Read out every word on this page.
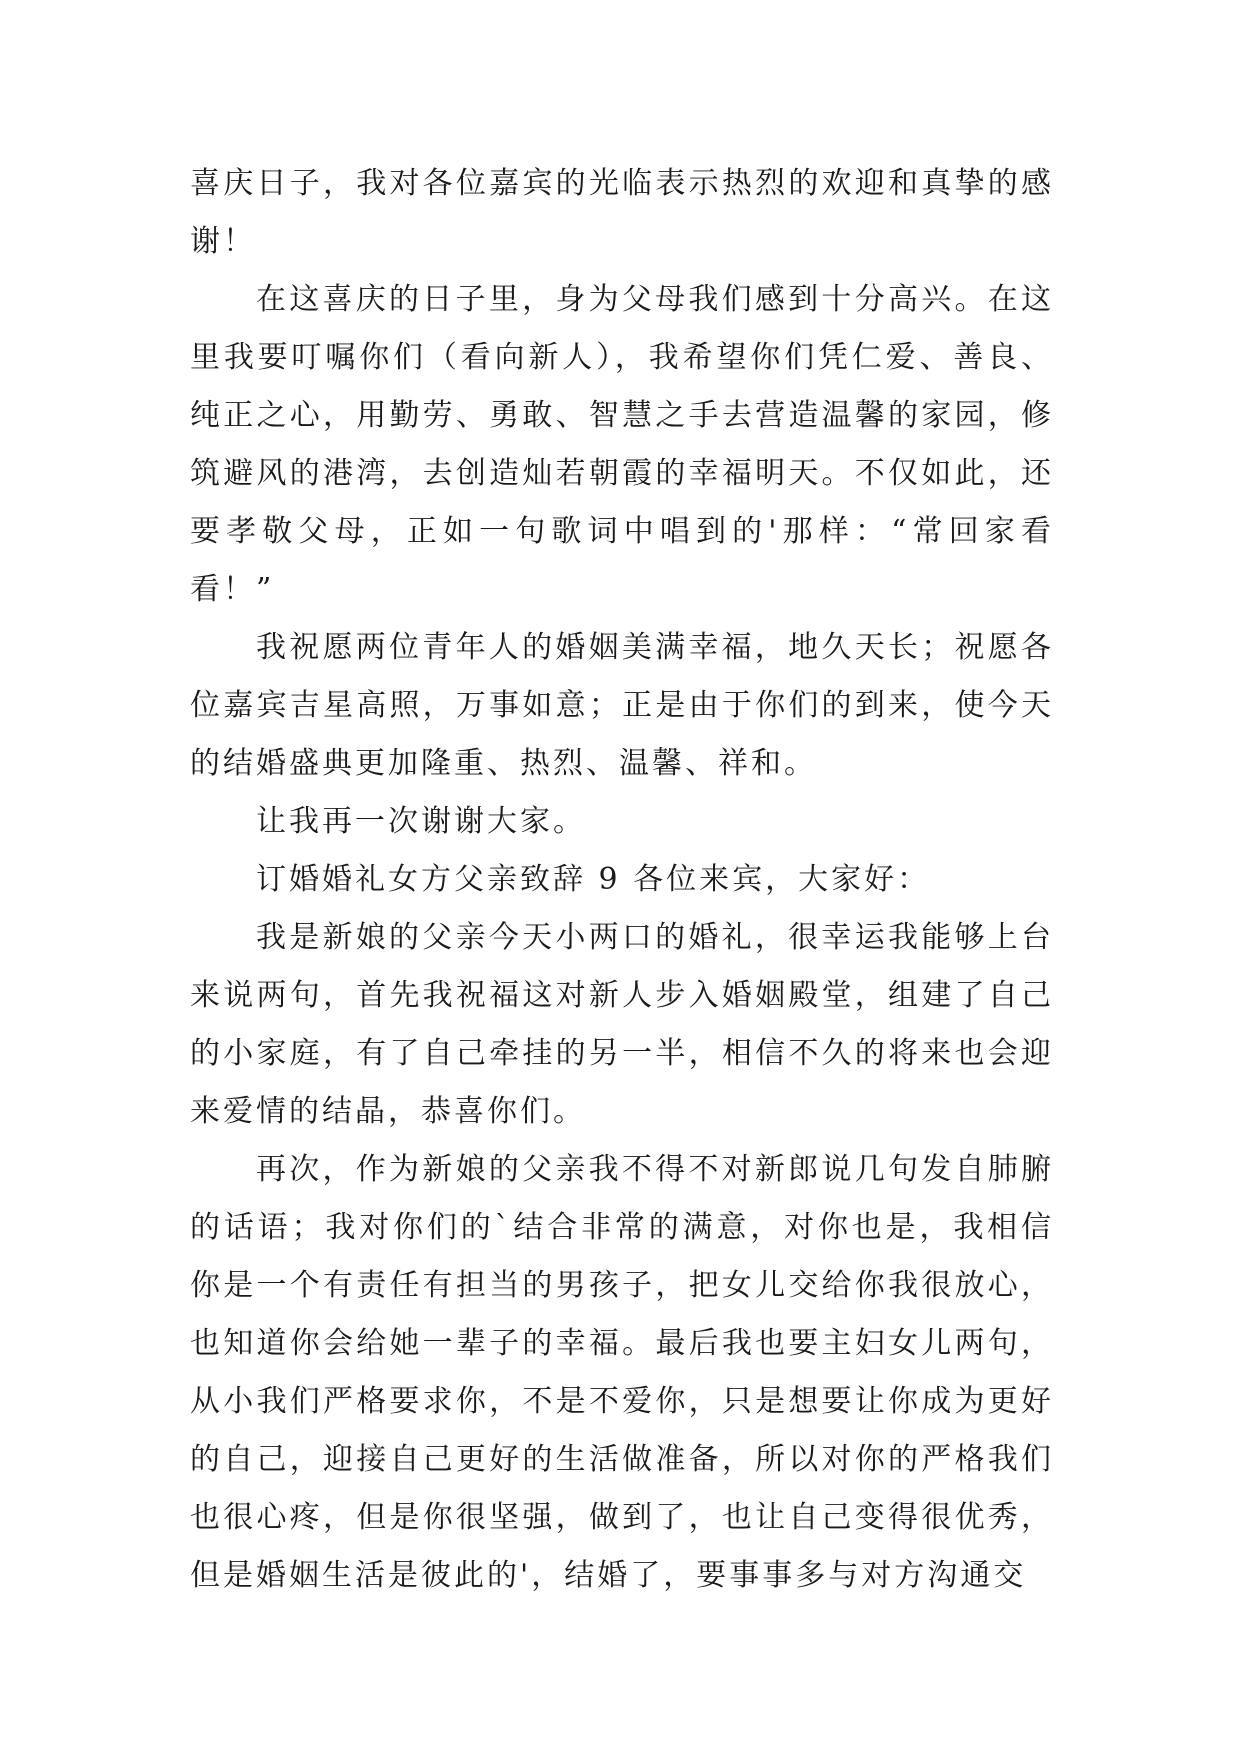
喜庆日子，我对各位嘉宾的光临表示热烈的欢迎和真挚的感谢！

在这喜庆的日子里，身为父母我们感到十分高兴。在这里我要叮嘱你们（看向新人），我希望你们凭仁爱、善良、纯正之心，用勤劳、勇敢、智慧之手去营造温馨的家园，修筑避风的港湾，去创造灿若朝霞的幸福明天。不仅如此，还要孝敬父母，正如一句歌词中唱到的'那样：“常回家看看！”

我祝愿两位青年人的婚姻美满幸福，地久天长；祝愿各位嘉宾吉星高照，万事如意；正是由于你们的到来，使今天的结婚盛典更加隆重、热烈、温馨、祥和。

让我再一次谢谢大家。

订婚婚礼女方父亲致辞 9 各位来宾，大家好：

我是新娘的父亲今天小两口的婚礼，很幸运我能够上台来说两句，首先我祝福这对新人步入婚姻殿堂，组建了自己的小家庭，有了自己牵挂的另一半，相信不久的将来也会迎来爱情的结晶，恭喜你们。

再次，作为新娘的父亲我不得不对新郎说几句发自肺腑的话语；我对你们的`结合非常的满意，对你也是，我相信你是一个有责任有担当的男孩子，把女儿交给你我很放心，也知道你会给她一辈子的幸福。最后我也要主妇女儿两句，从小我们严格要求你，不是不爱你，只是想要让你成为更好的自己，迎接自己更好的生活做准备，所以对你的严格我们也很心疼，但是你很坚强，做到了，也让自己变得很优秀，但是婚姻生活是彼此的'，结婚了，要事事多与对方沟通交
